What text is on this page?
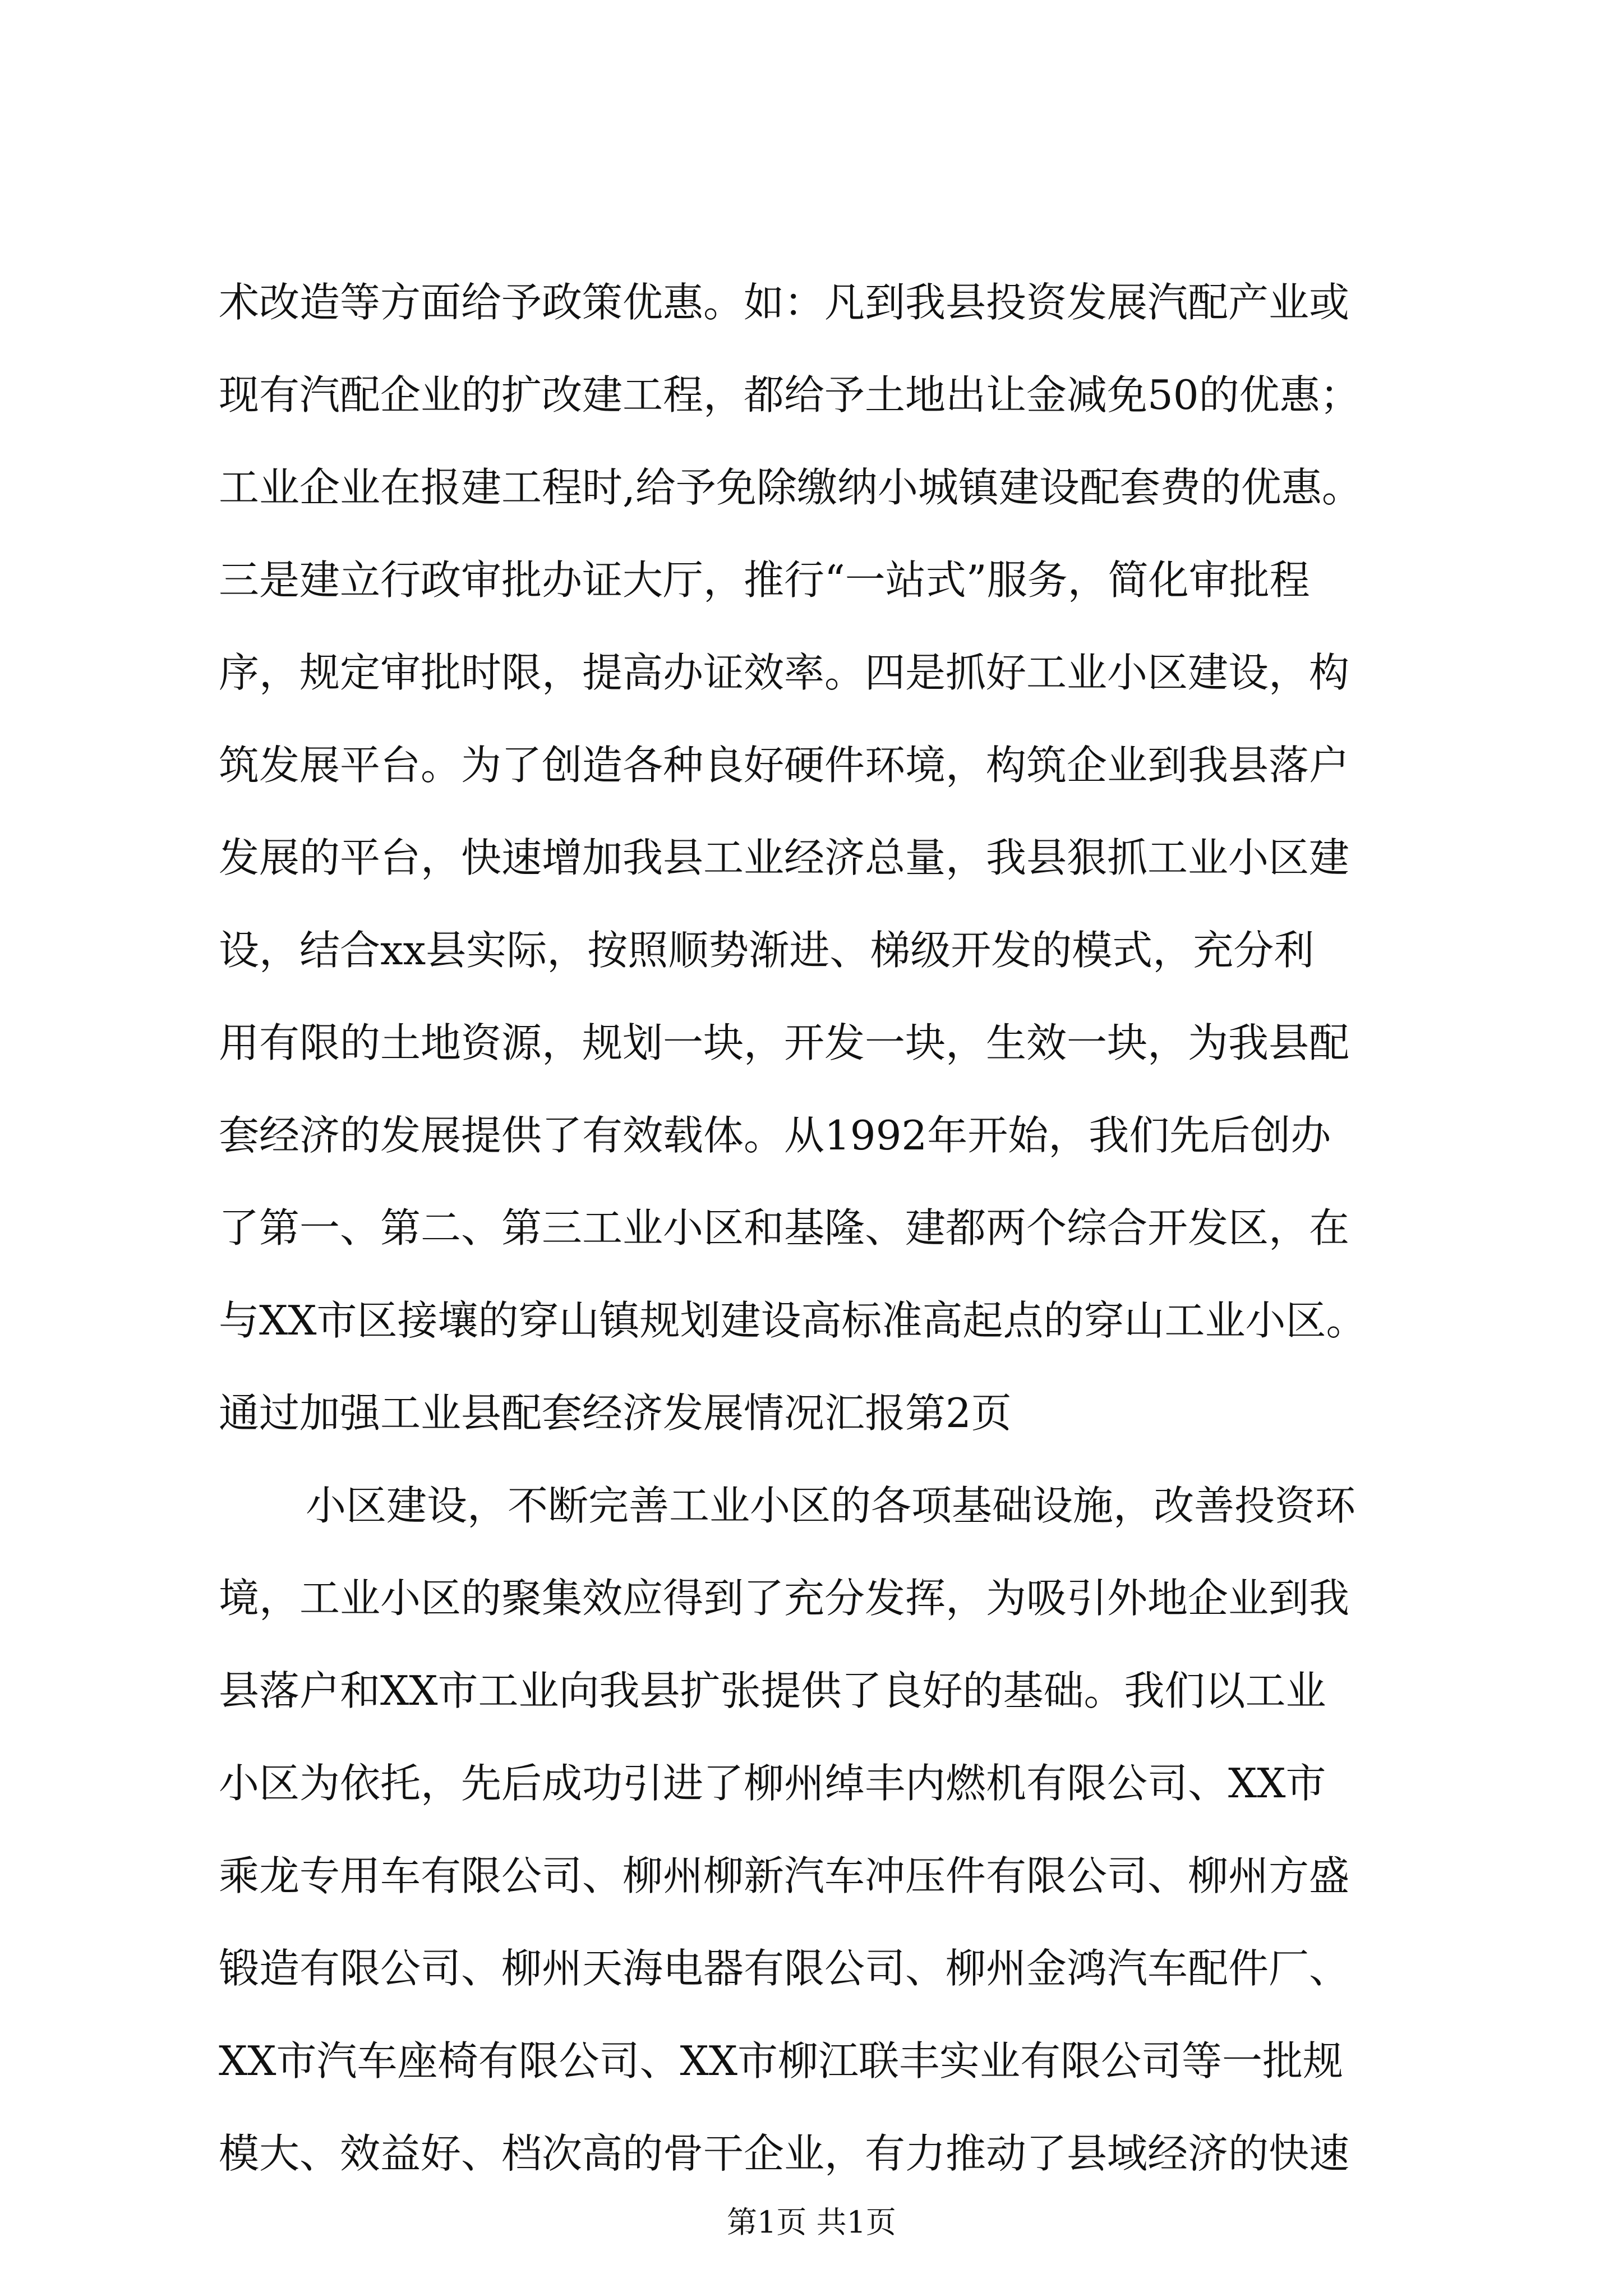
术改造等方面给予政策优惠。如：凡到我县投资发展汽配产业或
现有汽配企业的扩改建工程，都给予土地出让金减免50的优惠；
工业企业在报建工程时,给予免除缴纳小城镇建设配套费的优惠。
三是建立行政审批办证大厅，推行“一站式”服务，简化审批程
序，规定审批时限，提高办证效率。四是抓好工业小区建设，构
筑发展平台。为了创造各种良好硬件环境，构筑企业到我县落户
发展的平台，快速增加我县工业经济总量，我县狠抓工业小区建
设，结合xx县实际，按照顺势渐进、梯级开发的模式，充分利
用有限的土地资源，规划一块，开发一块，生效一块，为我县配
套经济的发展提供了有效载体。从1992年开始，我们先后创办
了第一、第二、第三工业小区和基隆、建都两个综合开发区，在
与XX市区接壤的穿山镇规划建设高标准高起点的穿山工业小区。
通过加强工业县配套经济发展情况汇报第2页
小区建设，不断完善工业小区的各项基础设施，改善投资环
境，工业小区的聚集效应得到了充分发挥，为吸引外地企业到我
县落户和XX市工业向我县扩张提供了良好的基础。我们以工业
小区为依托，先后成功引进了柳州绰丰内燃机有限公司、XX市
乘龙专用车有限公司、柳州柳新汽车冲压件有限公司、柳州方盛
锻造有限公司、柳州天海电器有限公司、柳州金鸿汽车配件厂、
XX市汽车座椅有限公司、XX市柳江联丰实业有限公司等一批规
模大、效益好、档次高的骨干企业，有力推动了县域经济的快速
第1页 共1页
